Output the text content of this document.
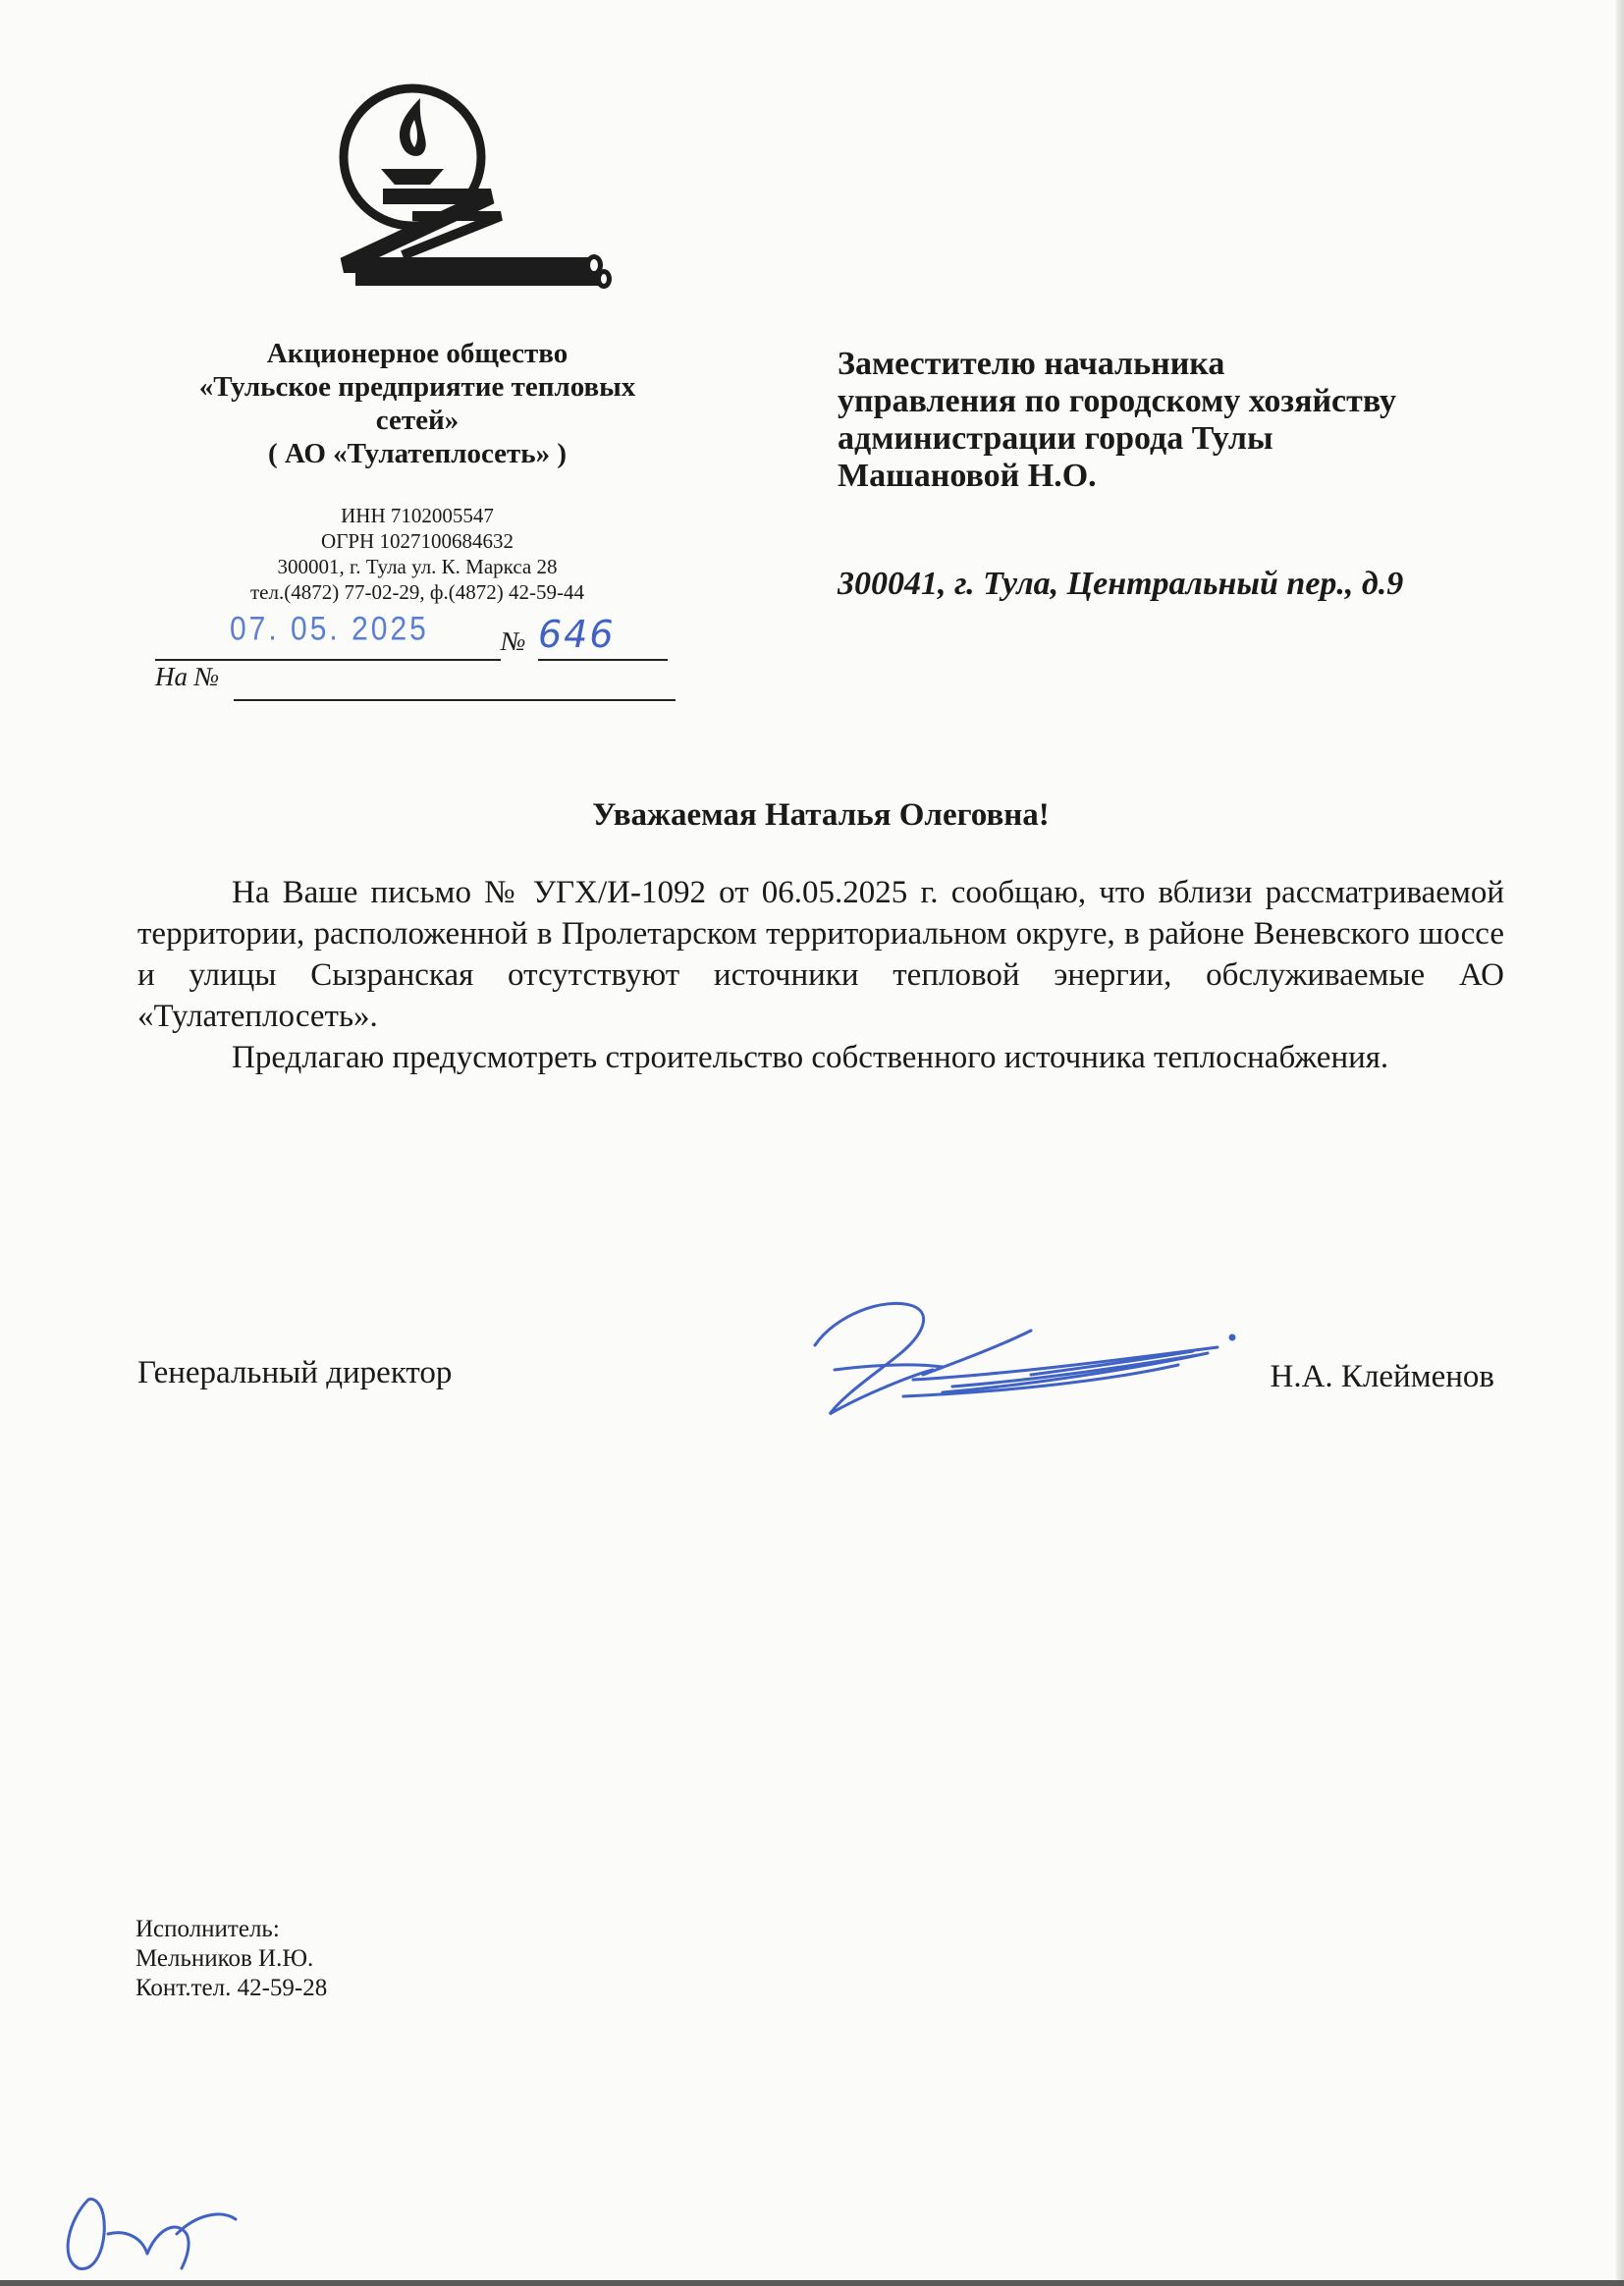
Акционерное общество
«Тульское предприятие тепловых
сетей»
( АО «Тулатеплосеть» )
ИНН 7102005547
ОГРН 1027100684632
300001, г. Тула ул. К. Маркса 28
тел.(4872) 77-02-29, ф.(4872) 42-59-44
№
07. 05. 2025	646
На №
Заместителю начальника
управления по городскому хозяйству
администрации города Тулы
Машановой Н.О.
300041, г. Тула, Центральный пер., д.9
Уважаемая Наталья Олеговна!

На Ваше письмо № УГХ/И-1092 от 06.05.2025 г. сообщаю, что вблизи рассматриваемой территории, расположенной в Пролетарском территориальном округе, в районе Веневского шоссе и улицы Сызранская отсутствуют источники тепловой энергии, обслуживаемые АО «Тулатеплосеть».

Предлагаю предусмотреть строительство собственного источника теплоснабжения.

Генеральный директор	Н.А. Клейменов
Исполнитель:
Мельников И.Ю.
Конт.тел. 42-59-28
